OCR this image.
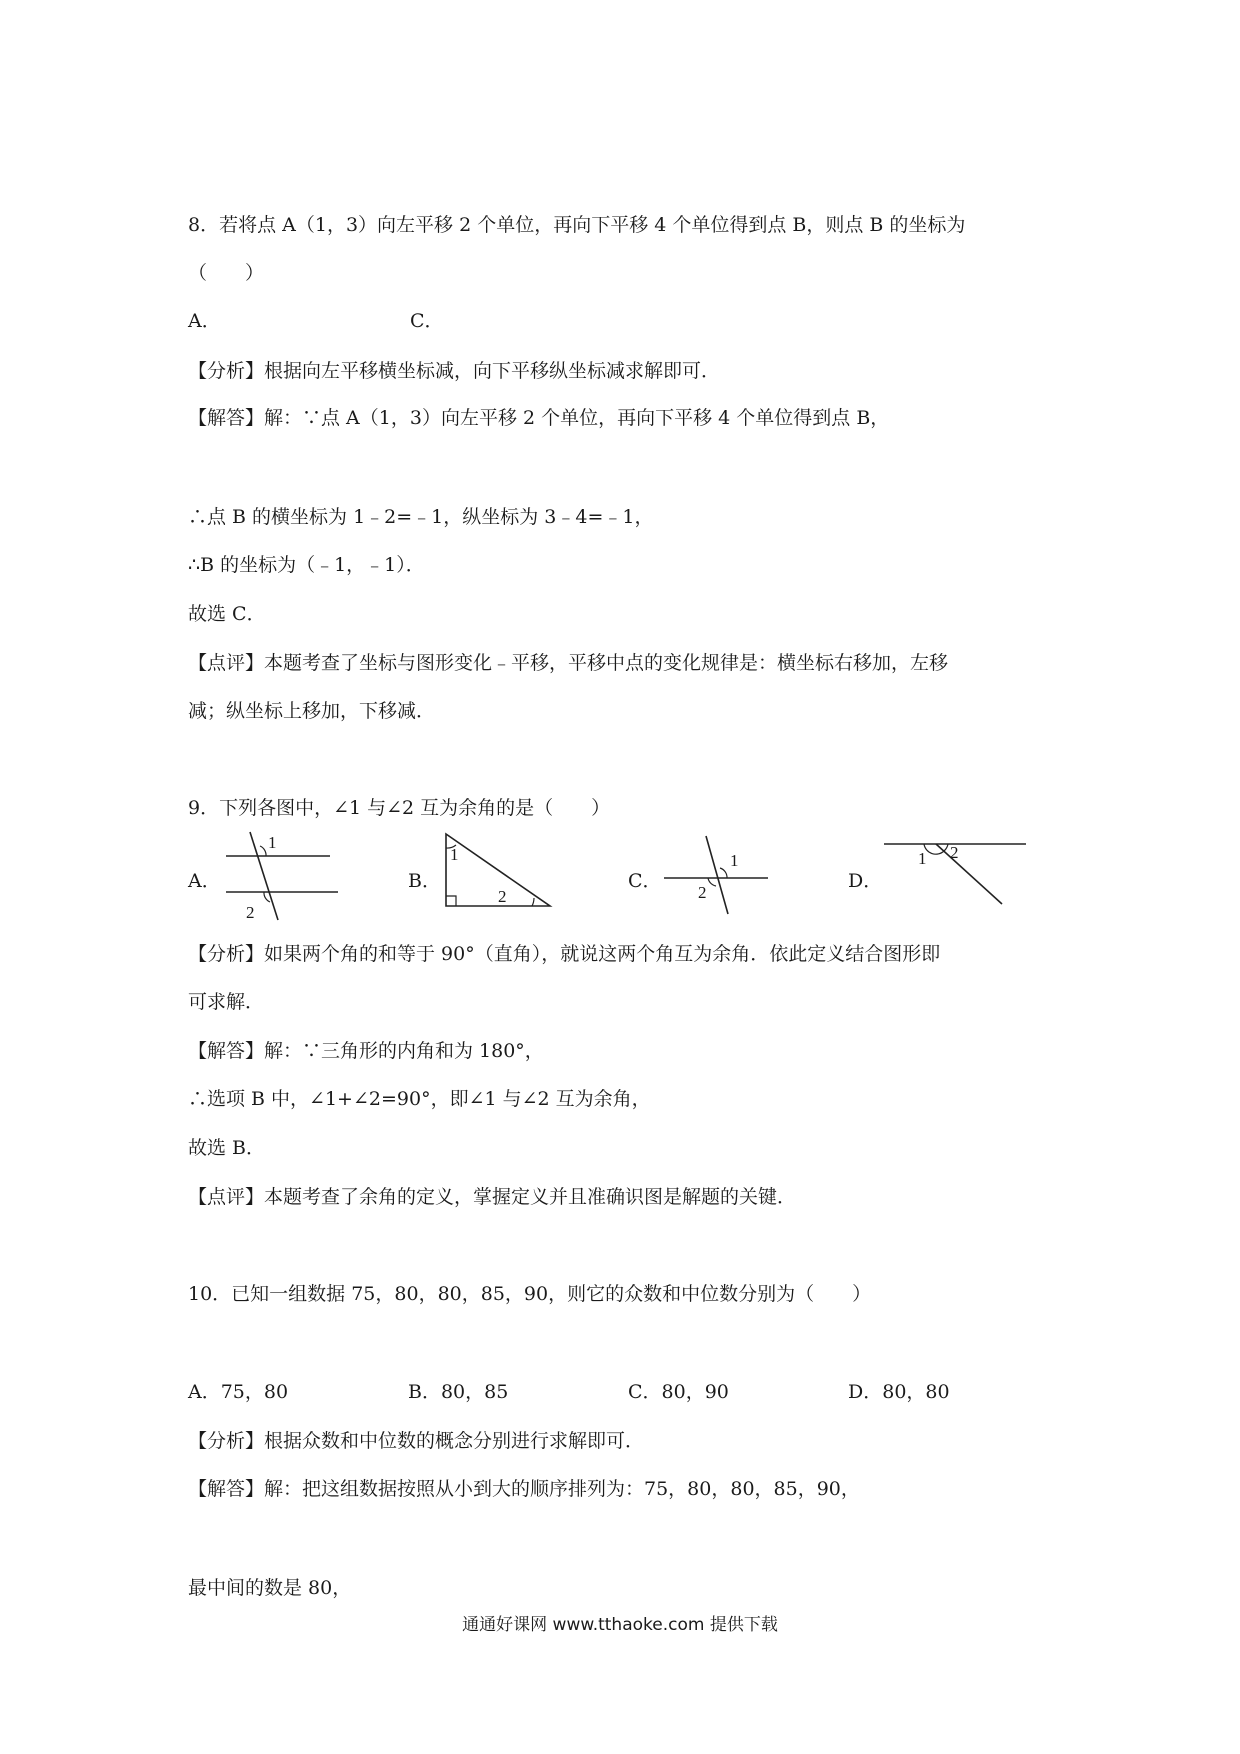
8．若将点 A（1，3）向左平移 2 个单位，再向下平移 4 个单位得到点 B，则点 B 的坐标为
（　　）
A．	C．
【分析】根据向左平移横坐标减，向下平移纵坐标减求解即可．
【解答】解：∵点 A（1，3）向左平移 2 个单位，再向下平移 4 个单位得到点 B，
∴点 B 的横坐标为 1﹣2=﹣1，纵坐标为 3﹣4=﹣1，
∴B 的坐标为（﹣1，﹣1）．
故选 C．
【点评】本题考查了坐标与图形变化﹣平移，平移中点的变化规律是：横坐标右移加，左移
减；纵坐标上移加，下移减．
9．下列各图中，∠1 与∠2 互为余角的是（　　）
A．
1
2
B．
1
2
C．
1
2
D．
1 2
【分析】如果两个角的和等于 90°（直角），就说这两个角互为余角．依此定义结合图形即
可求解．
【解答】解：∵三角形的内角和为 180°，
∴选项 B 中，∠1+∠2=90°，即∠1 与∠2 互为余角，
故选 B．
【点评】本题考查了余角的定义，掌握定义并且准确识图是解题的关键．
10．已知一组数据 75，80，80，85，90，则它的众数和中位数分别为（　　）
A．75，80	B．80，85	C．80，90	D．80，80
【分析】根据众数和中位数的概念分别进行求解即可．
【解答】解：把这组数据按照从小到大的顺序排列为：75，80，80，85，90，
最中间的数是 80，
通通好课网 www.tthaoke.com 提供下载
